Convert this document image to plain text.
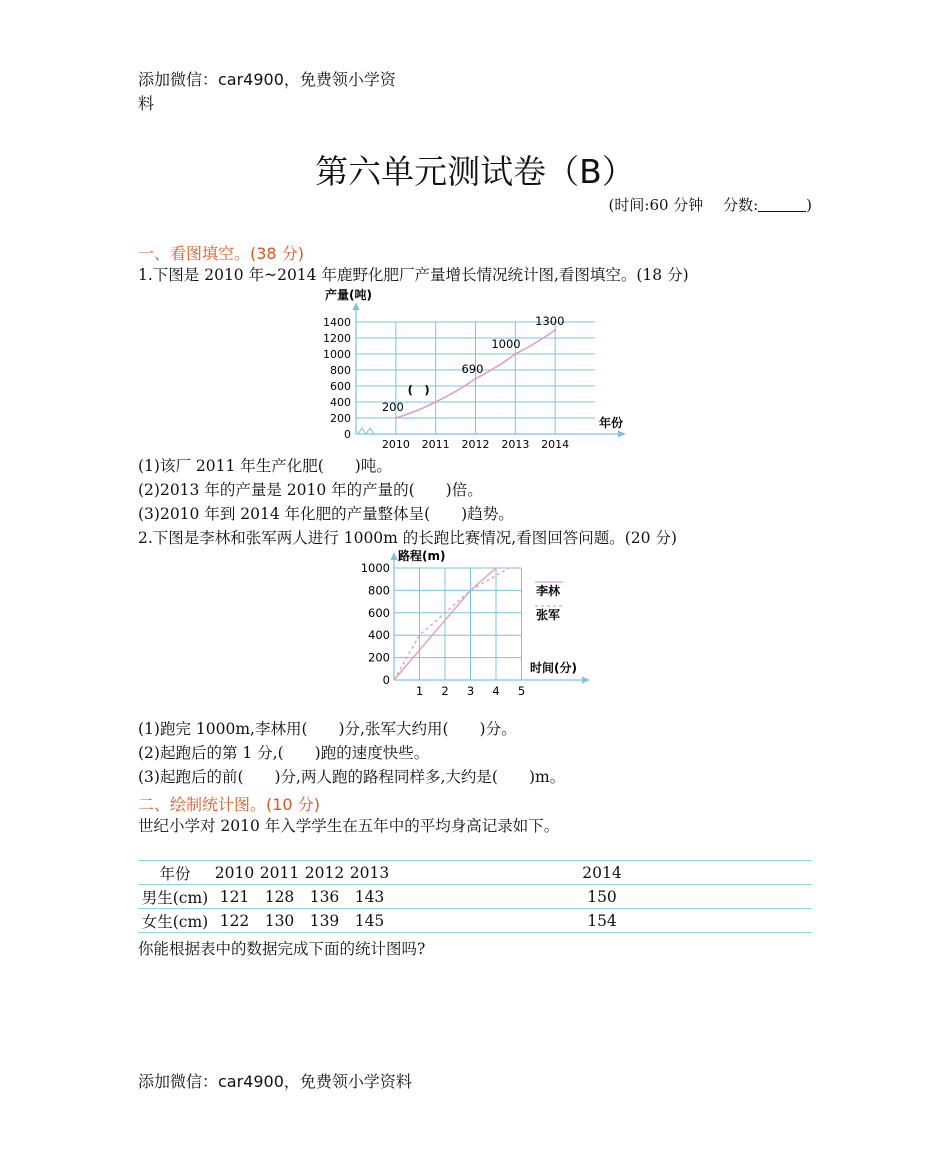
添加微信：car4900，免费领小学资
料
第六单元测试卷（B）
(时间:60 分钟　 分数:	)
一、看图填空。(38 分)
1.下图是 2010 年~2014 年鹿野化肥厂产量增长情况统计图,看图填空。(18 分)
0
200
400
600
800
1000
1200
1400
2010 2011 2012 2013 2014
200
(　)
690
1000
1300
产量(吨)
年份
(1)该厂 2011 年生产化肥(　　)吨。
(2)2013 年的产量是 2010 年的产量的(　　)倍。
(3)2010 年到 2014 年化肥的产量整体呈(　　)趋势。
2.下图是李林和张军两人进行 1000m 的长跑比赛情况,看图回答问题。(20 分)
0
200
400
600
800
1000
1 2 3 4 5
路程(m)
时间(分)
李林
张军
(1)跑完 1000m,李林用(　　)分,张军大约用(　　)分。
(2)起跑后的第 1 分,(　　)跑的速度快些。
(3)起跑后的前(　　)分,两人跑的路程同样多,大约是(　　)m。
二、绘制统计图。(10 分)
世纪小学对 2010 年入学学生在五年中的平均身高记录如下。
年份	2010	2011	2012	2013	2014
男生(cm)	121	128	136	143	150
女生(cm)	122	130	139	145	154
你能根据表中的数据完成下面的统计图吗?
添加微信：car4900，免费领小学资料
